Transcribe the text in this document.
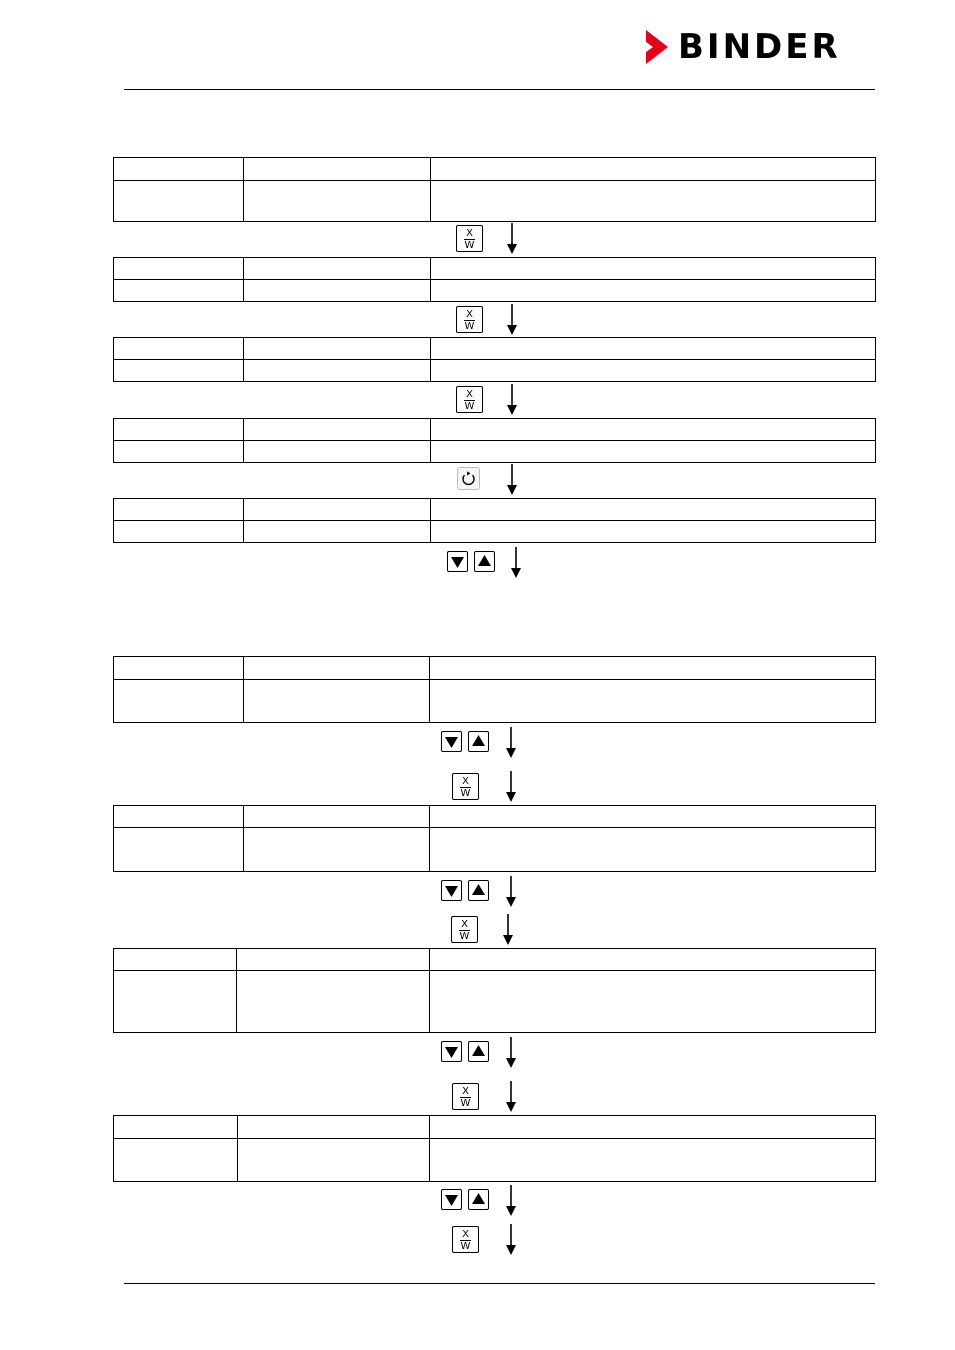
BINDER

X
W

X
W

X
W

X
W

X
W

X
W

X
W
